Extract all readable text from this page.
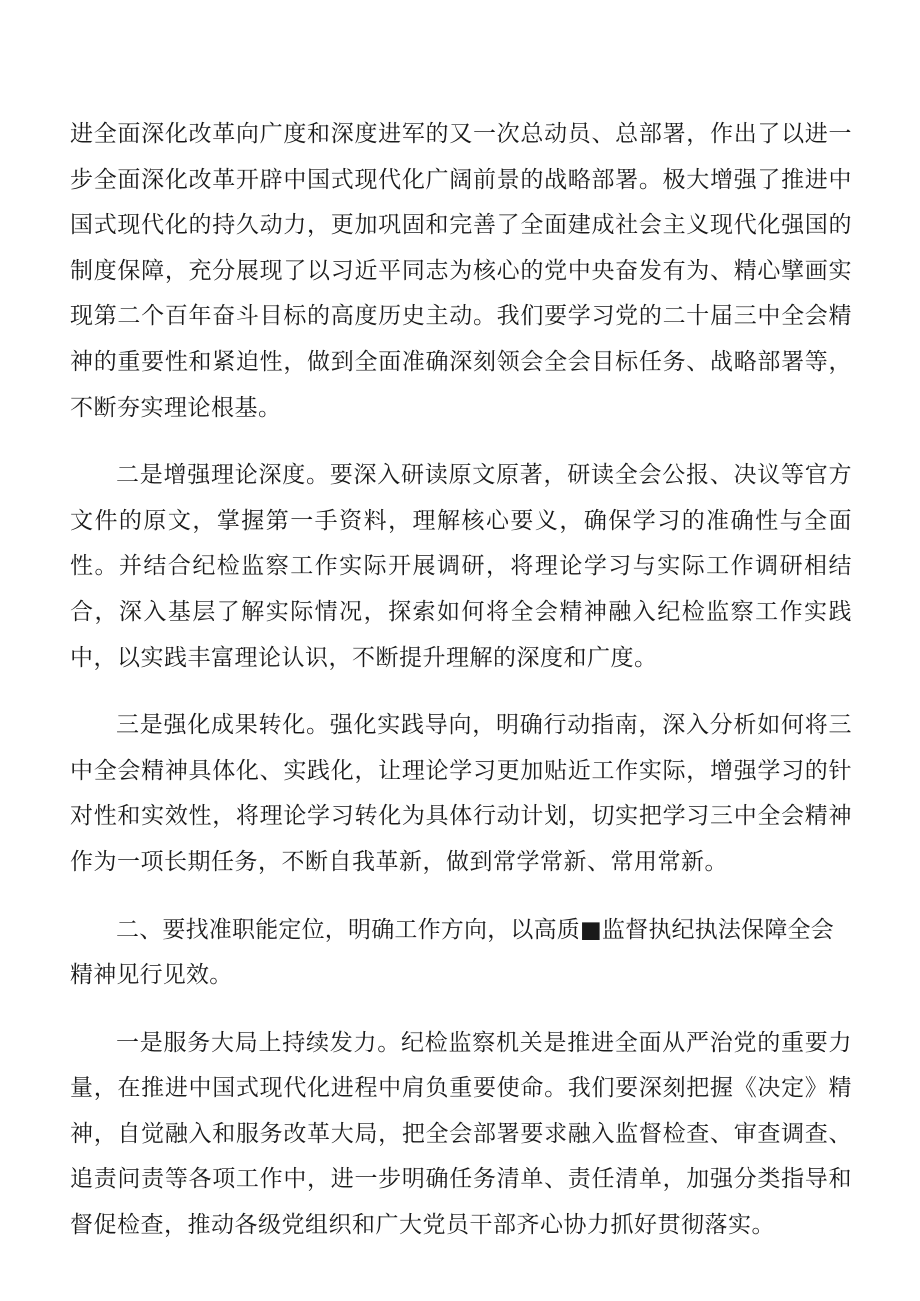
进全面深化改革向广度和深度进军的又一次总动员、总部署，作出了以进一步全面深化改革开辟中国式现代化广阔前景的战略部署。极大增强了推进中国式现代化的持久动力，更加巩固和完善了全面建成社会主义现代化强国的制度保障，充分展现了以习近平同志为核心的党中央奋发有为、精心擘画实现第二个百年奋斗目标的高度历史主动。我们要学习党的二十届三中全会精神的重要性和紧迫性，做到全面准确深刻领会全会目标任务、战略部署等，不断夯实理论根基。

二是增强理论深度。要深入研读原文原著，研读全会公报、决议等官方文件的原文，掌握第一手资料，理解核心要义，确保学习的准确性与全面性。并结合纪检监察工作实际开展调研，将理论学习与实际工作调研相结合，深入基层了解实际情况，探索如何将全会精神融入纪检监察工作实践中，以实践丰富理论认识，不断提升理解的深度和广度。

三是强化成果转化。强化实践导向，明确行动指南，深入分析如何将三中全会精神具体化、实践化，让理论学习更加贴近工作实际，增强学习的针对性和实效性，将理论学习转化为具体行动计划，切实把学习三中全会精神作为一项长期任务，不断自我革新，做到常学常新、常用常新。

二、要找准职能定位，明确工作方向，以高质■监督执纪执法保障全会精神见行见效。

一是服务大局上持续发力。纪检监察机关是推进全面从严治党的重要力量，在推进中国式现代化进程中肩负重要使命。我们要深刻把握《决定》精神，自觉融入和服务改革大局，把全会部署要求融入监督检查、审查调查、追责问责等各项工作中，进一步明确任务清单、责任清单，加强分类指导和督促检查，推动各级党组织和广大党员干部齐心协力抓好贯彻落实。
